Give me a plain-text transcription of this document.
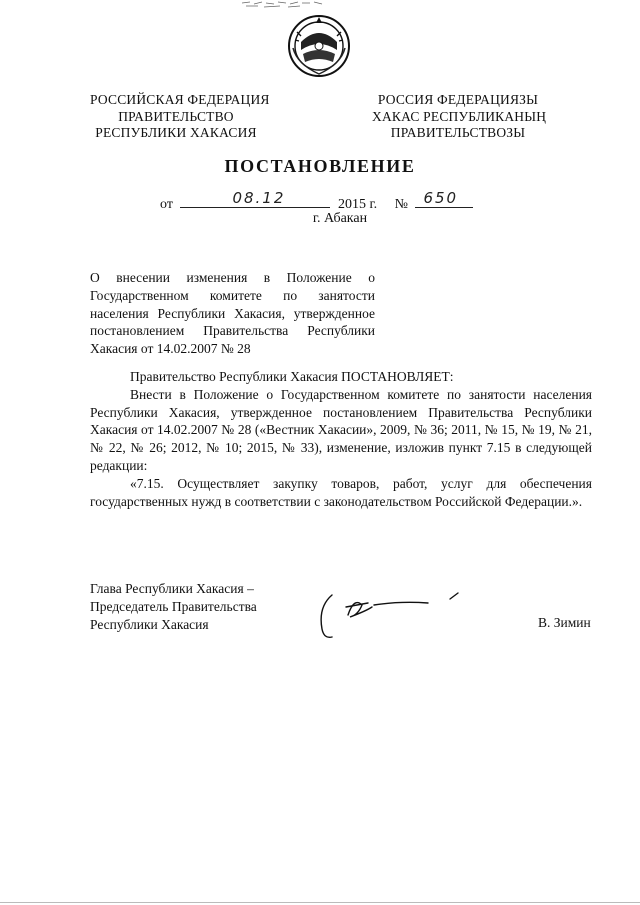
РОССИЙСКАЯ ФЕДЕРАЦИЯ
ПРАВИТЕЛЬСТВО
РЕСПУБЛИКИ ХАКАСИЯ
РОССИЯ ФЕДЕРАЦИЯЗЫ
ХАКАС РЕСПУБЛИКАНЫҢ
ПРАВИТЕЛЬСТВОЗЫ
ПОСТАНОВЛЕНИЕ
от	08.12	2015 г. № 650
г. Абакан

О внесении изменения в Положение о Государственном комитете по занятости населения Республики Хакасия, утвержденное постановлением Правительства Республики Хакасия от 14.02.2007 № 28

Правительство Республики Хакасия ПОСТАНОВЛЯЕТ:

Внести в Положение о Государственном комитете по занятости населения Республики Хакасия, утвержденное постановлением Правительства Республики Хакасия от 14.02.2007 № 28 («Вестник Хакасии», 2009, № 36; 2011, № 15, № 19, № 21, № 22, № 26; 2012, № 10; 2015, № 33), изменение, изложив пункт 7.15 в следующей редакции:

«7.15. Осуществляет закупку товаров, работ, услуг для обеспечения государственных нужд в соответствии с законодательством Российской Федерации.».

Глава Республики Хакасия –
Председатель Правительства
Республики Хакасия	В. Зимин
